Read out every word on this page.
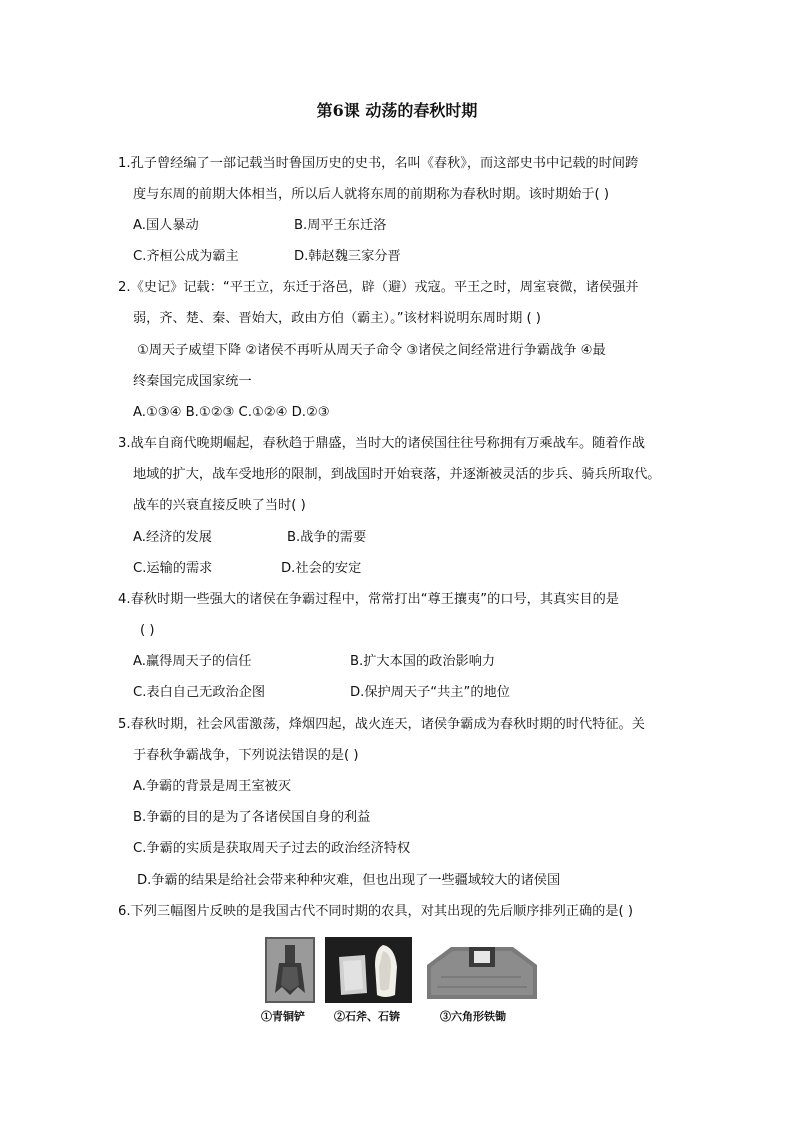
第6课 动荡的春秋时期
1.孔子曾经编了一部记载当时鲁国历史的史书，名叫《春秋》，而这部史书中记载的时间跨
度与东周的前期大体相当，所以后人就将东周的前期称为春秋时期。该时期始于( )
A.国人暴动	B.周平王东迁洛
C.齐桓公成为霸主	D.韩赵魏三家分晋
2.《史记》记载：“平王立，东迁于洛邑，辟（避）戎寇。平王之时，周室衰微，诸侯强并
弱，齐、楚、秦、晋始大，政由方伯（霸主）。”该材料说明东周时期 ( )
①周天子威望下降 ②诸侯不再听从周天子命令 ③诸侯之间经常进行争霸战争 ④最
终秦国完成国家统一
A.①③④ B.①②③ C.①②④ D.②③
3.战车自商代晚期崛起，春秋趋于鼎盛，当时大的诸侯国往往号称拥有万乘战车。随着作战
地域的扩大，战车受地形的限制，到战国时开始衰落，并逐渐被灵活的步兵、骑兵所取代。
战车的兴衰直接反映了当时( )
A.经济的发展	B.战争的需要
C.运输的需求	D.社会的安定
4.春秋时期一些强大的诸侯在争霸过程中，常常打出“尊王攘夷”的口号，其真实目的是
( )
A.赢得周天子的信任	B.扩大本国的政治影响力
C.表白自己无政治企图	D.保护周天子“共主”的地位
5.春秋时期，社会风雷激荡，烽烟四起，战火连天，诸侯争霸成为春秋时期的时代特征。关
于春秋争霸战争，下列说法错误的是( )
A.争霸的背景是周王室被灭
B.争霸的目的是为了各诸侯国自身的利益
C.争霸的实质是获取周天子过去的政治经济特权
D.争霸的结果是给社会带来种种灾难，但也出现了一些疆域较大的诸侯国
6.下列三幅图片反映的是我国古代不同时期的农具，对其出现的先后顺序排列正确的是( )
①青铜铲	②石斧、石锛	③六角形铁锄
